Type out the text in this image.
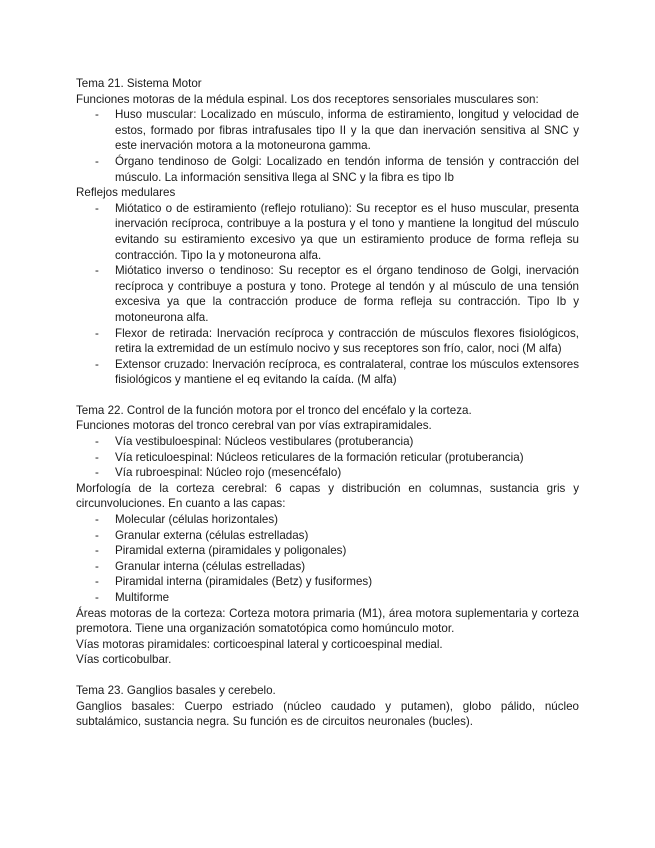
Tema 21. Sistema Motor

Funciones motoras de la médula espinal. Los dos receptores sensoriales musculares son:

- Huso muscular: Localizado en músculo, informa de estiramiento, longitud y velocidad de estos, formado por fibras intrafusales tipo II y la que dan inervación sensitiva al SNC y este inervación motora a la motoneurona gamma.
- Órgano tendinoso de Golgi: Localizado en tendón informa de tensión y contracción del músculo. La información sensitiva llega al SNC y la fibra es tipo Ib

Reflejos medulares

- Miótatico o de estiramiento (reflejo rotuliano): Su receptor es el huso muscular, presenta inervación recíproca, contribuye a la postura y el tono y mantiene la longitud del músculo evitando su estiramiento excesivo ya que un estiramiento produce de forma refleja su contracción. Tipo Ia y motoneurona alfa.
- Miótatico inverso o tendinoso: Su receptor es el órgano tendinoso de Golgi, inervación recíproca y contribuye a postura y tono. Protege al tendón y al músculo de una tensión excesiva ya que la contracción produce de forma refleja su contracción. Tipo Ib y motoneurona alfa.
- Flexor de retirada: Inervación recíproca y contracción de músculos flexores fisiológicos, retira la extremidad de un estímulo nocivo y sus receptores son frío, calor, noci (M alfa)
- Extensor cruzado: Inervación recíproca, es contralateral, contrae los músculos extensores fisiológicos y mantiene el eq evitando la caída. (M alfa)

Tema 22. Control de la función motora por el tronco del encéfalo y la corteza.

Funciones motoras del tronco cerebral van por vías extrapiramidales.

- Vía vestibuloespinal: Núcleos vestibulares (protuberancia)
- Vía reticuloespinal: Núcleos reticulares de la formación reticular (protuberancia)
- Vía rubroespinal: Núcleo rojo (mesencéfalo)

Morfología de la corteza cerebral: 6 capas y distribución en columnas, sustancia gris y circunvoluciones. En cuanto a las capas:

- Molecular (células horizontales)
- Granular externa (células estrelladas)
- Piramidal externa (piramidales y poligonales)
- Granular interna (células estrelladas)
- Piramidal interna (piramidales (Betz) y fusiformes)
- Multiforme

Áreas motoras de la corteza: Corteza motora primaria (M1), área motora suplementaria y corteza premotora. Tiene una organización somatotópica como homúnculo motor.

Vías motoras piramidales: corticoespinal lateral y corticoespinal medial.

Vías corticobulbar.

Tema 23. Ganglios basales y cerebelo.

Ganglios basales: Cuerpo estriado (núcleo caudado y putamen), globo pálido, núcleo subtalámico, sustancia negra. Su función es de circuitos neuronales (bucles).
